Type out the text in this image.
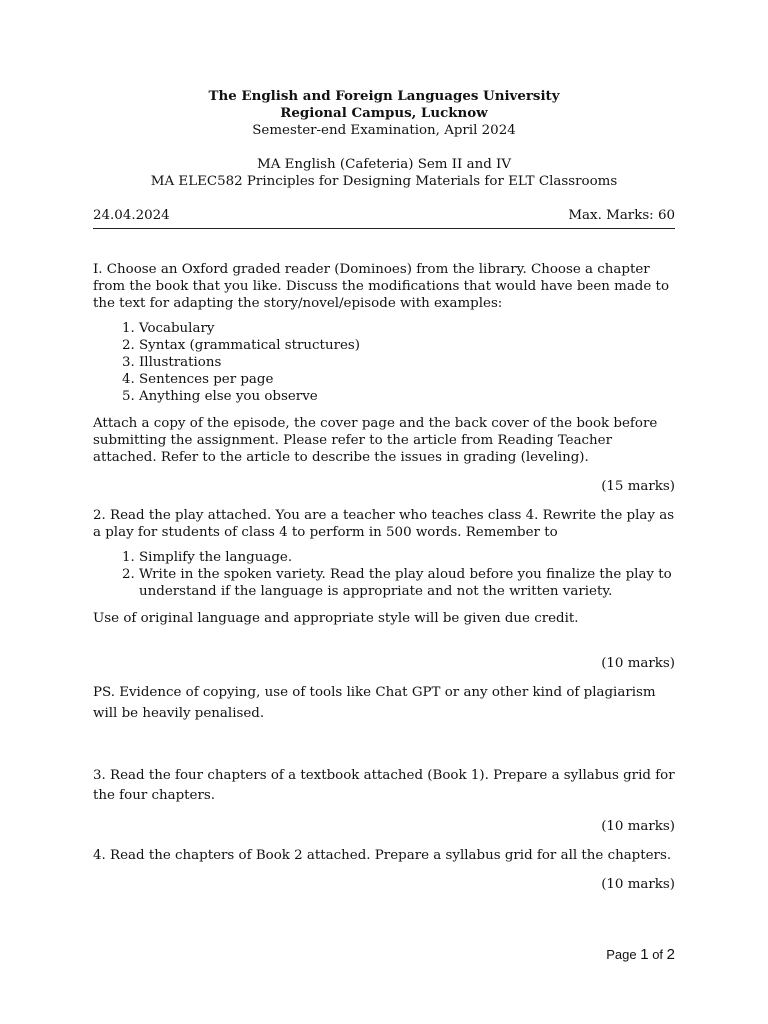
The English and Foreign Languages University
Regional Campus, Lucknow
Semester-end Examination, April 2024
MA English (Cafeteria) Sem II and IV
MA ELEC582 Principles for Designing Materials for ELT Classrooms
24.04.2024	Max. Marks: 60

I. Choose an Oxford graded reader (Dominoes) from the library. Choose a chapter from the book that you like. Discuss the modifications that would have been made to the text for adapting the story/novel/episode with examples:

1. Vocabulary
2. Syntax (grammatical structures)
3. Illustrations
4. Sentences per page
5. Anything else you observe

Attach a copy of the episode, the cover page and the back cover of the book before submitting the assignment. Please refer to the article from Reading Teacher attached. Refer to the article to describe the issues in grading (leveling).

(15 marks)

2. Read the play attached. You are a teacher who teaches class 4. Rewrite the play as a play for students of class 4 to perform in 500 words. Remember to

1. Simplify the language.
2. Write in the spoken variety. Read the play aloud before you finalize the play to understand if the language is appropriate and not the written variety.

Use of original language and appropriate style will be given due credit.

(10 marks)

PS. Evidence of copying, use of tools like Chat GPT or any other kind of plagiarism will be heavily penalised.

3. Read the four chapters of a textbook attached (Book 1). Prepare a syllabus grid for the four chapters.

(10 marks)

4. Read the chapters of Book 2 attached. Prepare a syllabus grid for all the chapters.

(10 marks)

Page 1 of 2
